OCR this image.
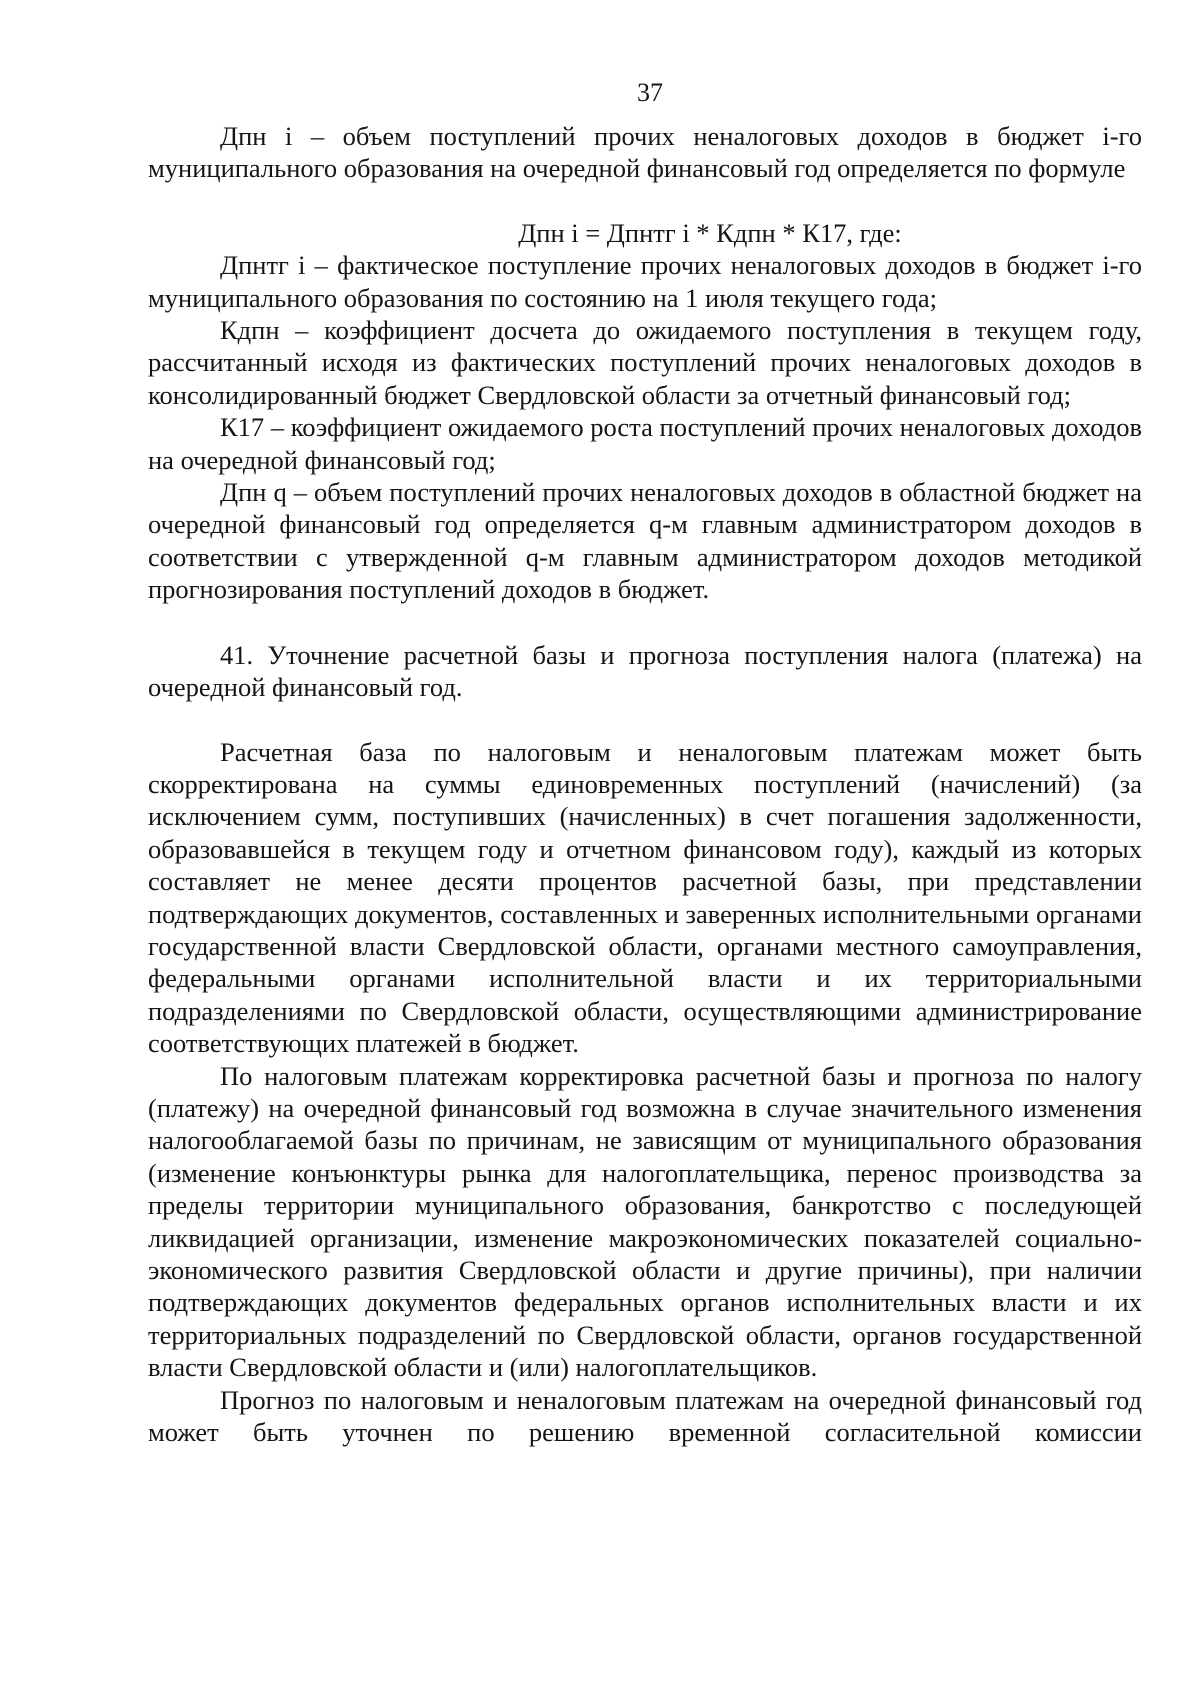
37

Дпн i – объем поступлений прочих неналоговых доходов в бюджет i-го муниципального образования на очередной финансовый год определяется по формуле

Дпн i = Дпнтг i * Кдпн * К17, где:

Дпнтг i – фактическое поступление прочих неналоговых доходов в бюджет i-го муниципального образования по состоянию на 1 июля текущего года;

Кдпн – коэффициент досчета до ожидаемого поступления в текущем году, рассчитанный исходя из фактических поступлений прочих неналоговых доходов в консолидированный бюджет Свердловской области за отчетный финансовый год;

К17 – коэффициент ожидаемого роста поступлений прочих неналоговых доходов на очередной финансовый год;

Дпн q – объем поступлений прочих неналоговых доходов в областной бюджет на очередной финансовый год определяется q-м главным администратором доходов в соответствии с утвержденной q-м главным администратором доходов методикой прогнозирования поступлений доходов в бюджет.

41. Уточнение расчетной базы и прогноза поступления налога (платежа) на очередной финансовый год.

Расчетная база по налоговым и неналоговым платежам может быть скорректирована на суммы единовременных поступлений (начислений) (за исключением сумм, поступивших (начисленных) в счет погашения задолженности, образовавшейся в текущем году и отчетном финансовом году), каждый из которых составляет не менее десяти процентов расчетной базы, при представлении подтверждающих документов, составленных и заверенных исполнительными органами государственной власти Свердловской области, органами местного самоуправления, федеральными органами исполнительной власти и их территориальными подразделениями по Свердловской области, осуществляющими администрирование соответствующих платежей в бюджет.

По налоговым платежам корректировка расчетной базы и прогноза по налогу (платежу) на очередной финансовый год возможна в случае значительного изменения налогооблагаемой базы по причинам, не зависящим от муниципального образования (изменение конъюнктуры рынка для налогоплательщика, перенос производства за пределы территории муниципального образования, банкротство с последующей ликвидацией организации, изменение макроэкономических показателей социально-экономического развития Свердловской области и другие причины), при наличии подтверждающих документов федеральных органов исполнительных власти и их территориальных подразделений по Свердловской области, органов государственной власти Свердловской области и (или) налогоплательщиков.

Прогноз по налоговым и неналоговым платежам на очередной финансовый год может быть уточнен по решению временной согласительной комиссии
